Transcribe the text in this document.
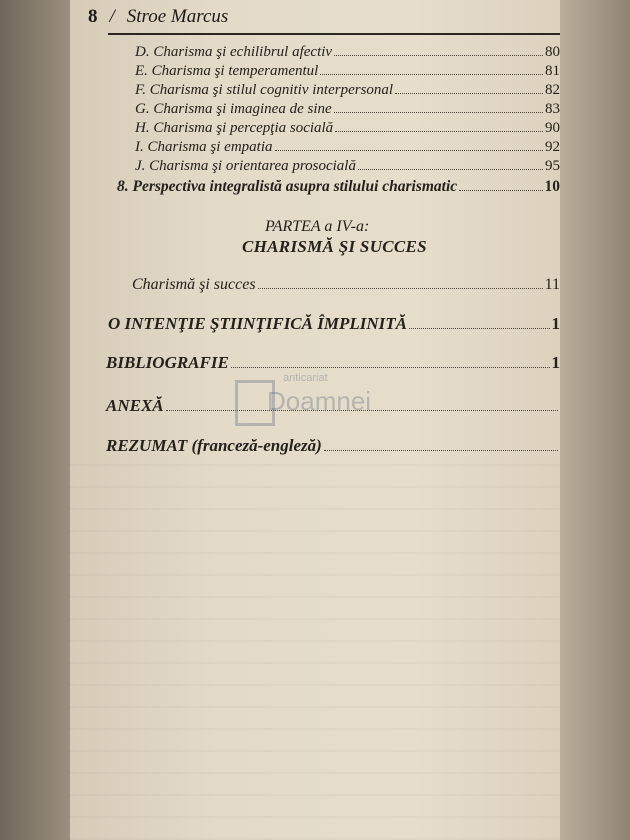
8 / Stroe Marcus
D. Charisma şi echilibrul afectiv	80
E. Charisma şi temperamentul	81
F. Charisma şi stilul cognitiv interpersonal	82
G. Charisma şi imaginea de sine	83
H. Charisma şi percepţia socială	90
I. Charisma şi empatia	92
J. Charisma şi orientarea prosocială	95
8. Perspectiva integralistă asupra stilului charismatic	10
PARTEA a IV-a:
CHARISMĂ ŞI SUCCES
Charismă şi succes	11
O INTENŢIE ŞTIINŢIFICĂ ÎMPLINITĂ	1
BIBLIOGRAFIE	1
ANEXĂ
REZUMAT
(franceză-engleză)
anticariat
Doamnei
